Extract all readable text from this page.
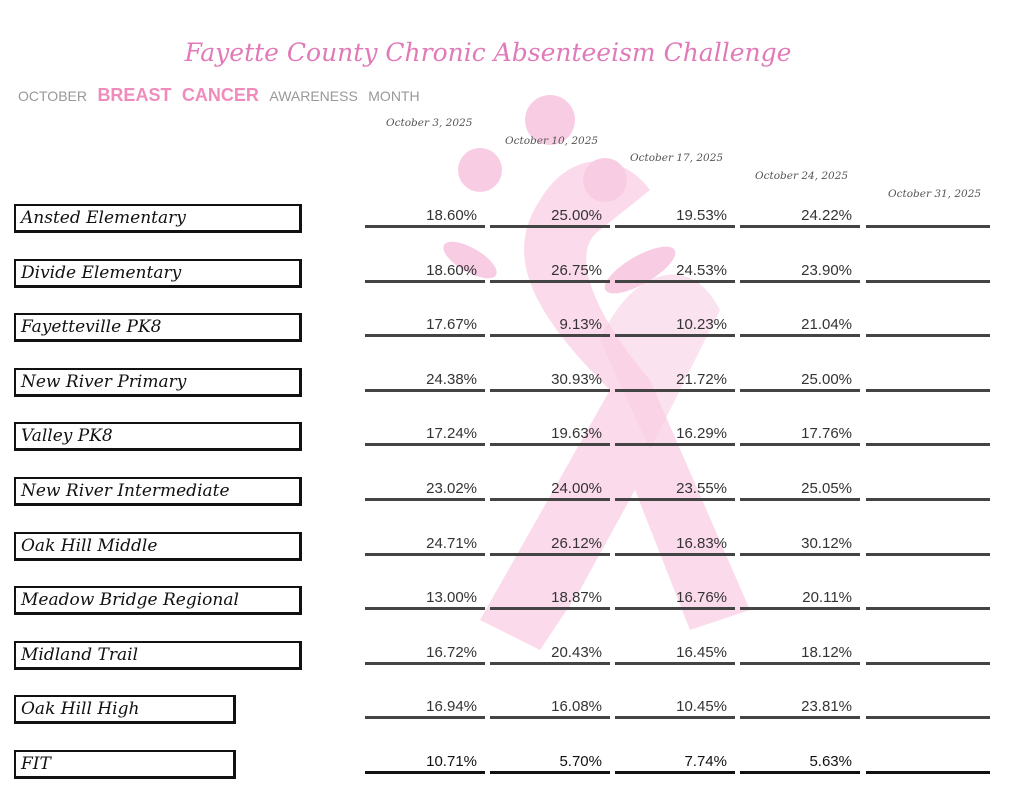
OCTOBER BREAST CANCER AWARENESS MONTH
Fayette County Chronic Absenteeism Challenge
October 3, 2025
October 10, 2025
October 17, 2025
October 24, 2025
October 31, 2025
Ansted Elementary	18.60%	25.00%	19.53%	24.22%
Divide Elementary	18.60%	26.75%	24.53%	23.90%
Fayetteville PK8	17.67%	9.13%	10.23%	21.04%
New River Primary	24.38%	30.93%	21.72%	25.00%
Valley PK8	17.24%	19.63%	16.29%	17.76%
New River Intermediate	23.02%	24.00%	23.55%	25.05%
Oak Hill Middle	24.71%	26.12%	16.83%	30.12%
Meadow Bridge Regional	13.00%	18.87%	16.76%	20.11%
Midland Trail	16.72%	20.43%	16.45%	18.12%
Oak Hill High	16.94%	16.08%	10.45%	23.81%
FIT	10.71%	5.70%	7.74%	5.63%
